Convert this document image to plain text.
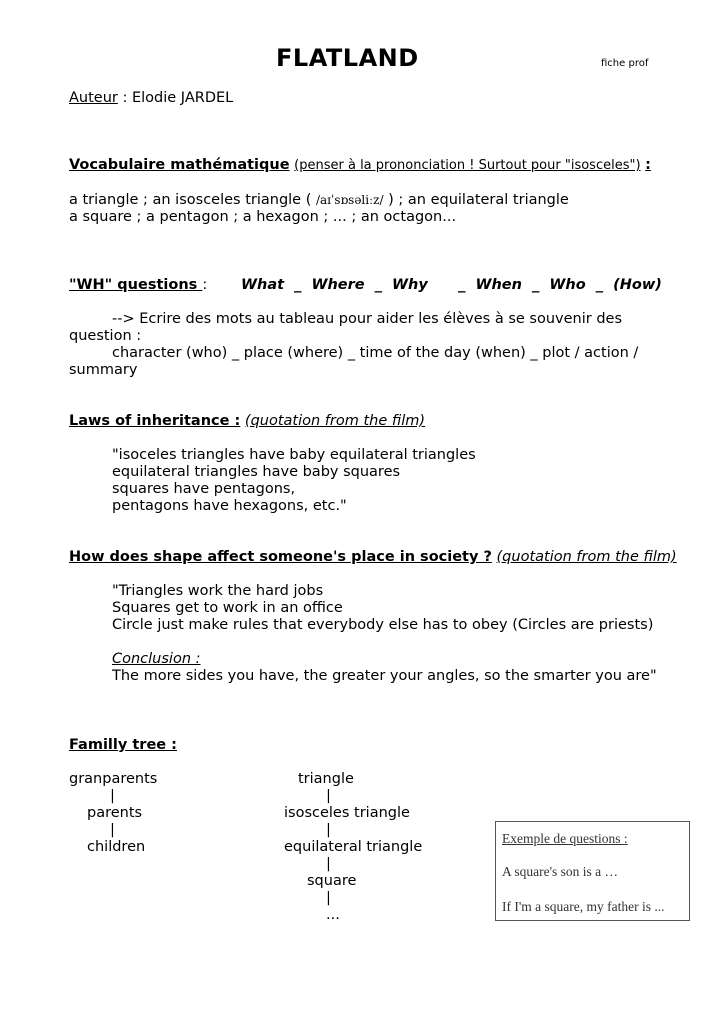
FLATLAND	fiche prof
Auteur : Elodie JARDEL
Vocabulaire mathématique (penser à la prononciation ! Surtout pour "isosceles") :
a triangle ; an isosceles triangle ( /aɪˈsɒsəliːz/ ) ; an equilateral triangle
a square ; a pentagon ; a hexagon ; ... ; an octagon...
"WH" questions : What  _  Where  _  Why      _  When  _  Who  _  (How)
--> Ecrire des mots au tableau pour aider les élèves à se souvenir des
question :
character (who) _ place (where) _ time of the day (when) _ plot / action /
summary
Laws of inheritance : (quotation from the film)
"isoceles triangles have baby equilateral triangles
equilateral triangles have baby squares
squares have pentagons,
pentagons have hexagons, etc."
How does shape affect someone's place in society ? (quotation from the film)
"Triangles work the hard jobs
Squares get to work in an office
Circle just make rules that everybody else has to obey (Circles are priests)
Conclusion :
The more sides you have, the greater your angles, so the smarter you are"
Familly tree :
granparents
|
parents
|
children
triangle
|
isosceles triangle
|
equilateral triangle
|
square
|
...
Exemple de questions :
A square's son is a …
If I'm a square, my father is ...
